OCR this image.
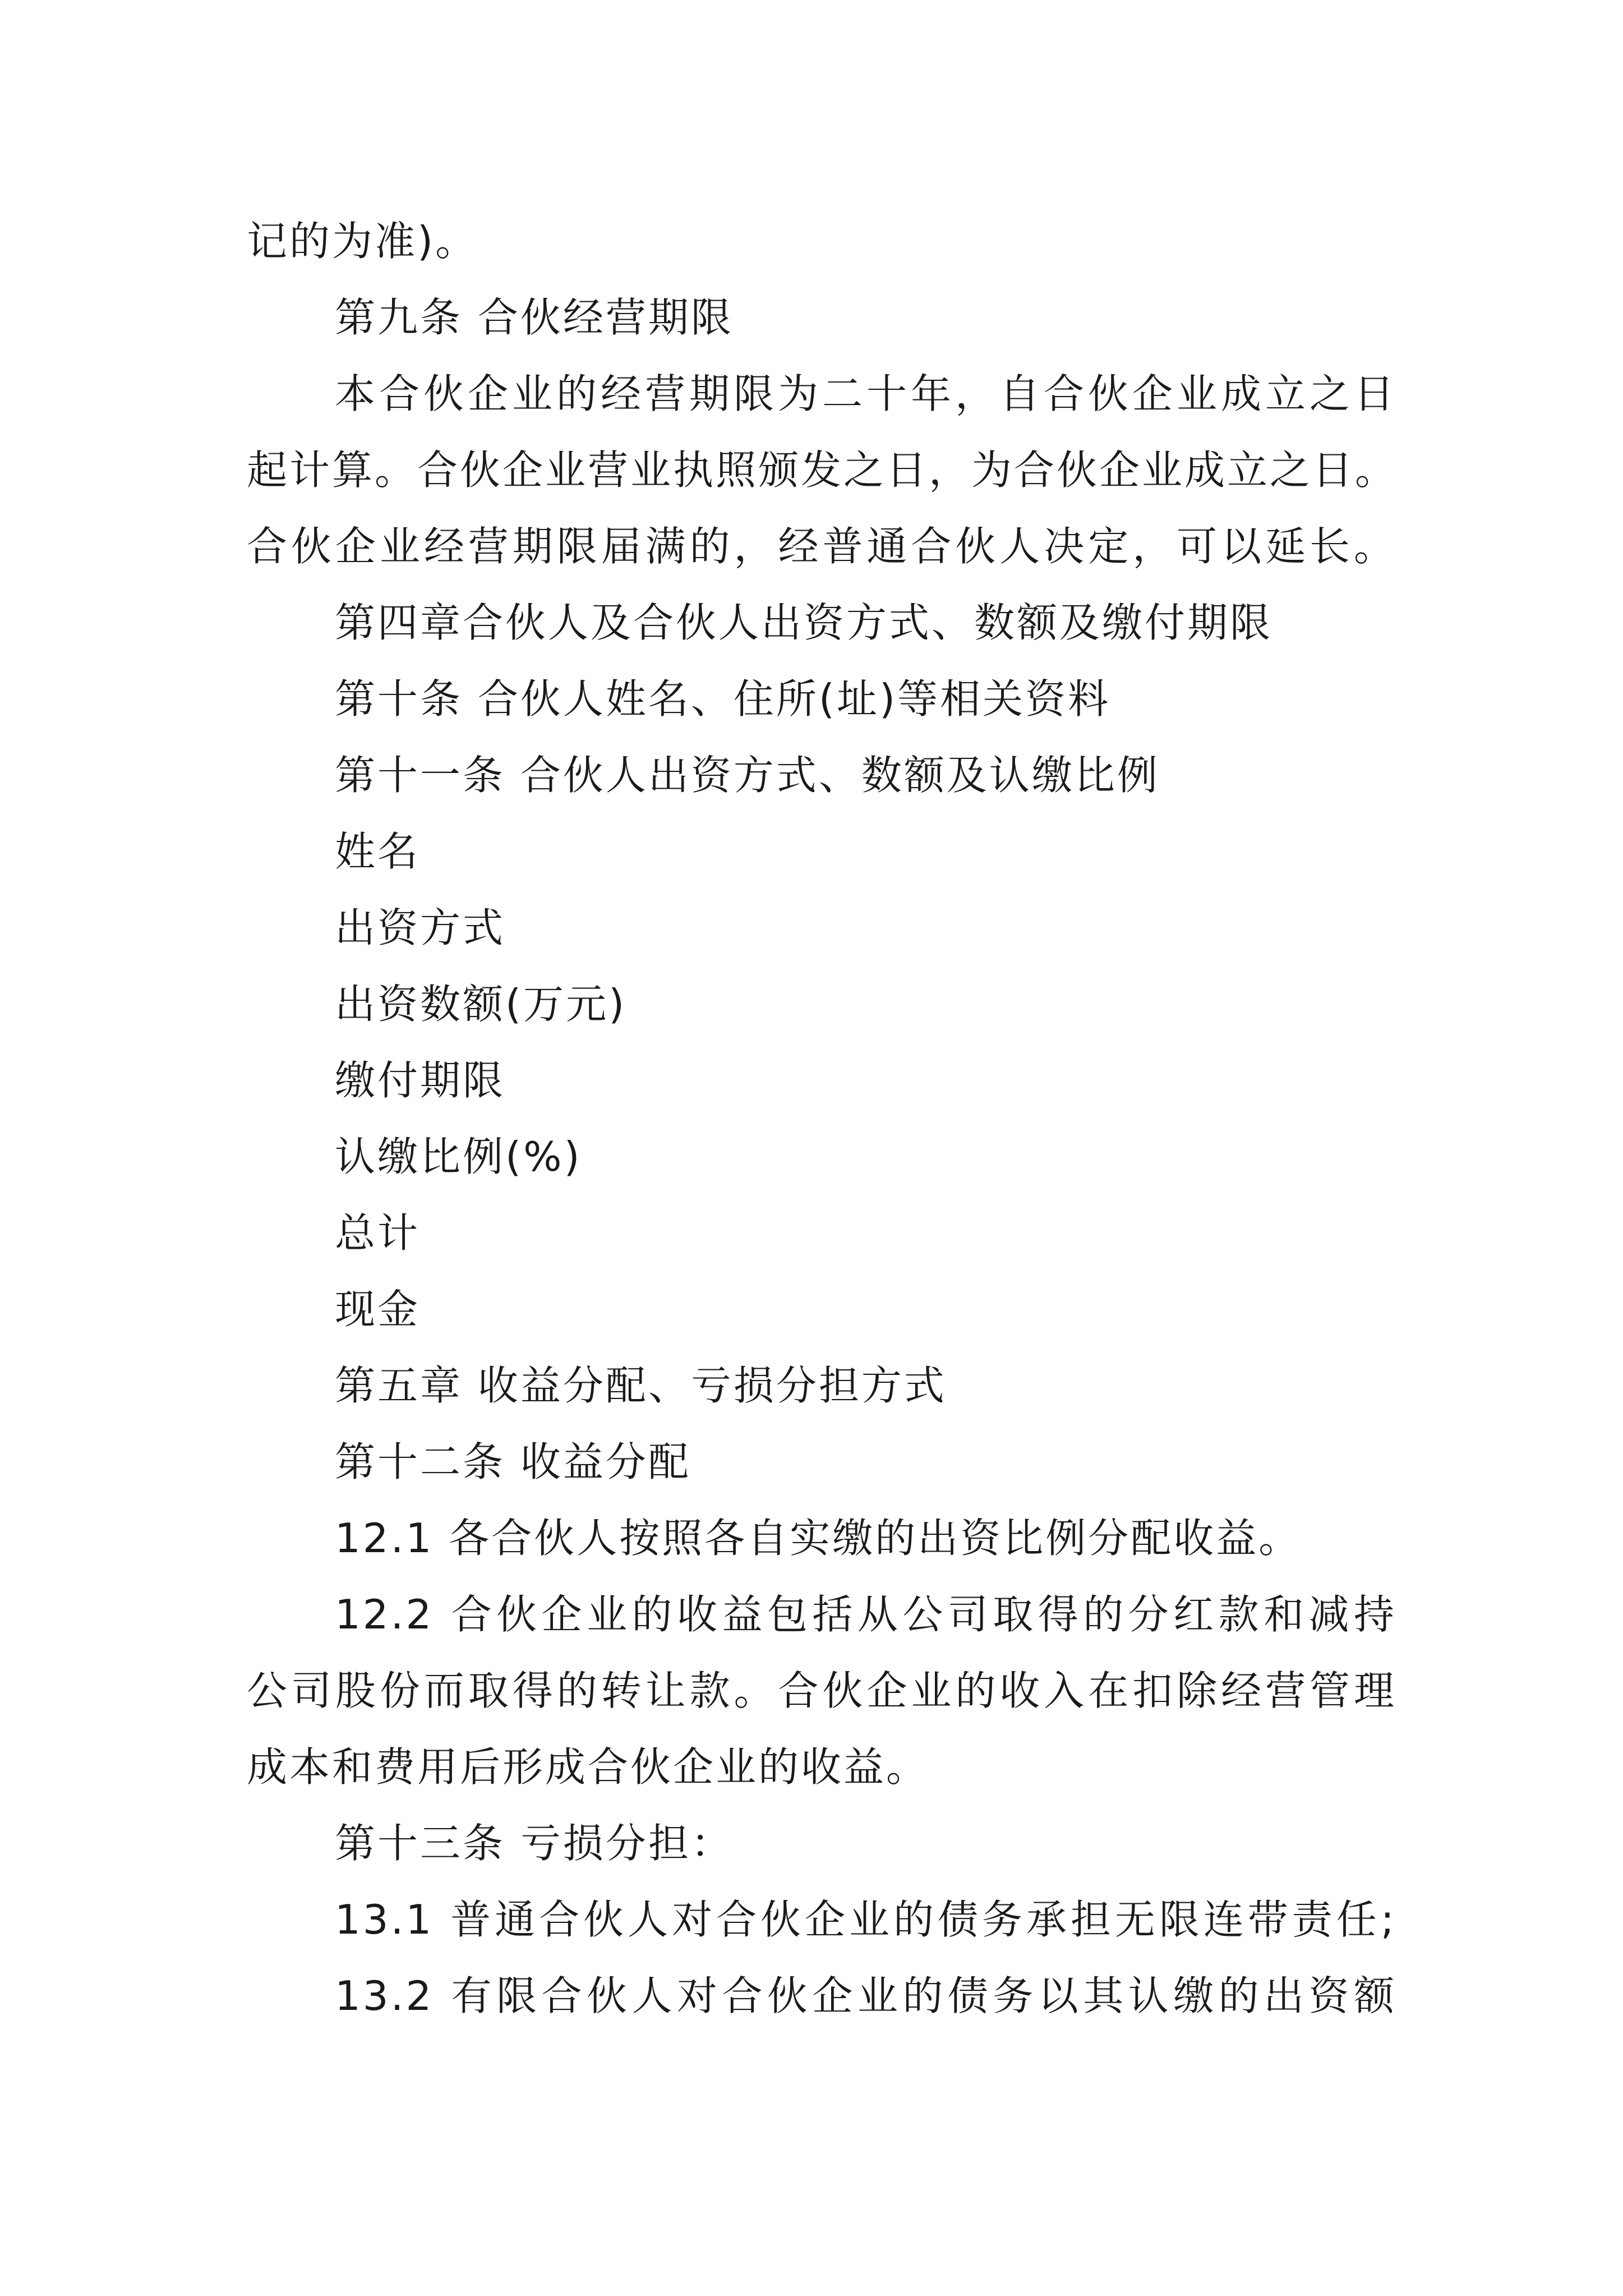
记的为准)。
第九条 合伙经营期限
本合伙企业的经营期限为二十年，自合伙企业成立之日
起计算。合伙企业营业执照颁发之日，为合伙企业成立之日。
合伙企业经营期限届满的，经普通合伙人决定，可以延长。
第四章合伙人及合伙人出资方式、数额及缴付期限
第十条 合伙人姓名、住所(址)等相关资料
第十一条 合伙人出资方式、数额及认缴比例
姓名
出资方式
出资数额(万元)
缴付期限
认缴比例(%)
总计
现金
第五章 收益分配、亏损分担方式
第十二条 收益分配
12.1 各合伙人按照各自实缴的出资比例分配收益。
12.2 合伙企业的收益包括从公司取得的分红款和减持
公司股份而取得的转让款。合伙企业的收入在扣除经营管理
成本和费用后形成合伙企业的收益。
第十三条 亏损分担：
13.1 普通合伙人对合伙企业的债务承担无限连带责任;
13.2 有限合伙人对合伙企业的债务以其认缴的出资额
